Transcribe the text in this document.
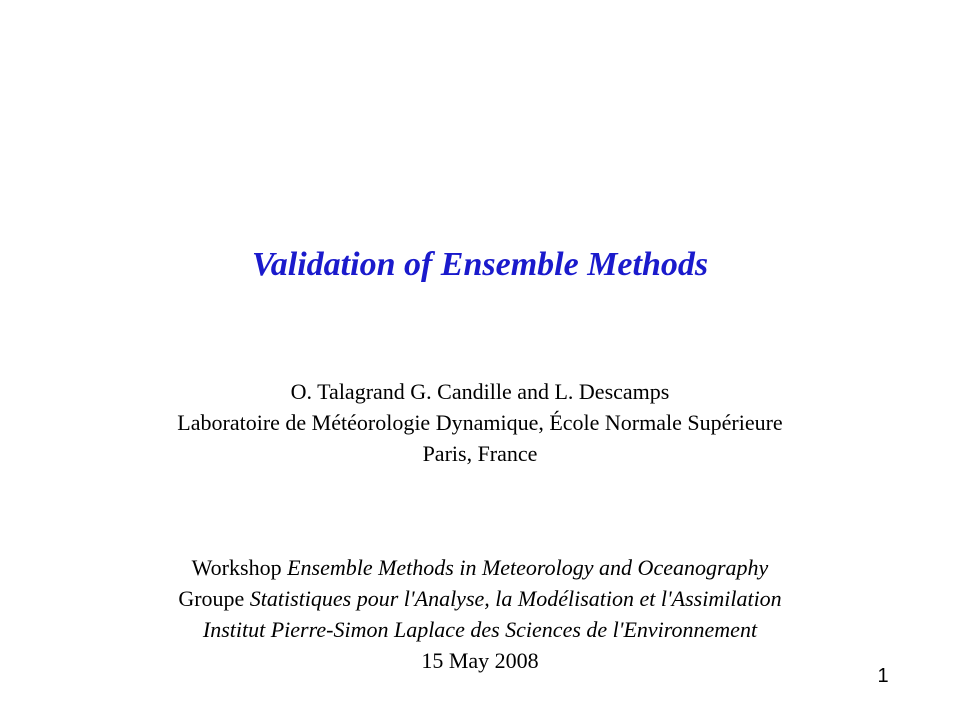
Validation of Ensemble Methods
O. Talagrand G. Candille and L. Descamps
Laboratoire de Météorologie Dynamique, École Normale Supérieure
Paris, France
Workshop Ensemble Methods in Meteorology and Oceanography
Groupe Statistiques pour l'Analyse, la Modélisation et l'Assimilation
Institut Pierre-Simon Laplace des Sciences de l'Environnement
15 May 2008
1
